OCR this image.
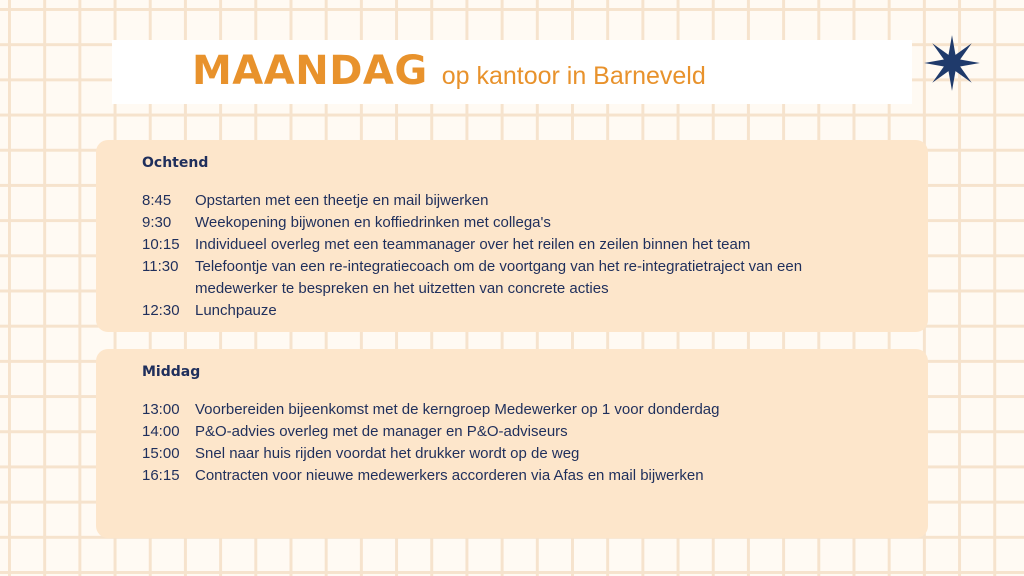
MAANDAG op kantoor in Barneveld
Ochtend
8:45	Opstarten met een theetje en mail bijwerken
9:30	Weekopening bijwonen en koffiedrinken met collega's
10:15	Individueel overleg met een teammanager over het reilen en zeilen binnen het team
11:30	Telefoontje van een re-integratiecoach om de voortgang van het re-integratietraject van een medewerker te bespreken en het uitzetten van concrete acties
12:30	Lunchpauze
Middag
13:00	Voorbereiden bijeenkomst met de kerngroep Medewerker op 1 voor donderdag
14:00	P&O-advies overleg met de manager en P&O-adviseurs
15:00	Snel naar huis rijden voordat het drukker wordt op de weg
16:15	Contracten voor nieuwe medewerkers accorderen via Afas en mail bijwerken
